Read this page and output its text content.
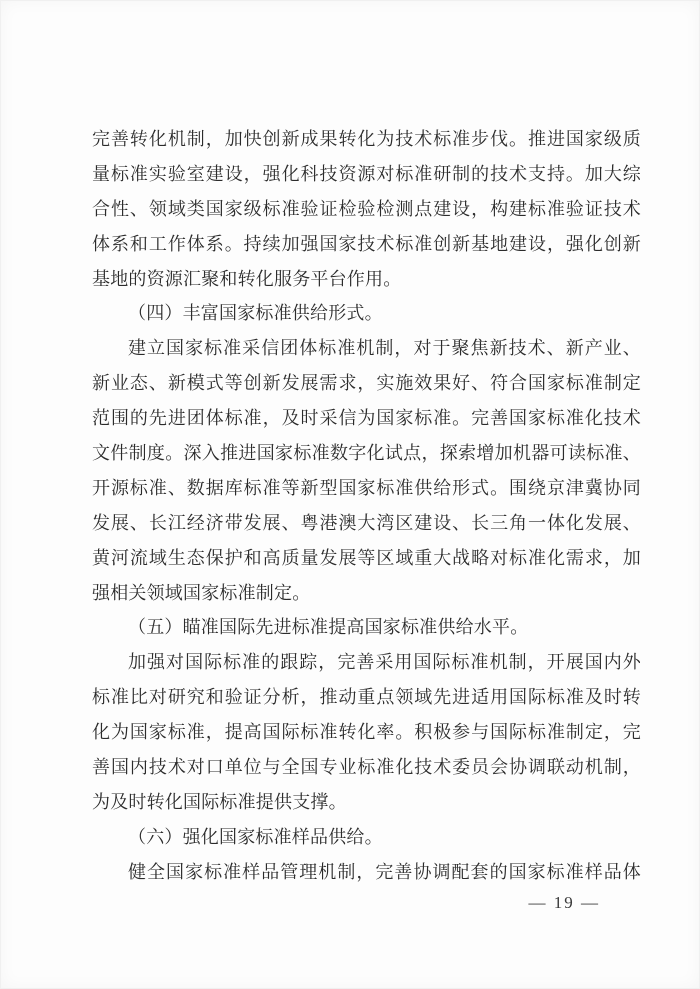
完善转化机制，加快创新成果转化为技术标准步伐。推进国家级质
量标准实验室建设，强化科技资源对标准研制的技术支持。加大综
合性、领域类国家级标准验证检验检测点建设，构建标准验证技术
体系和工作体系。持续加强国家技术标准创新基地建设，强化创新
基地的资源汇聚和转化服务平台作用。
（四）丰富国家标准供给形式。
建立国家标准采信团体标准机制，对于聚焦新技术、新产业、
新业态、新模式等创新发展需求，实施效果好、符合国家标准制定
范围的先进团体标准，及时采信为国家标准。完善国家标准化技术
文件制度。深入推进国家标准数字化试点，探索增加机器可读标准、
开源标准、数据库标准等新型国家标准供给形式。围绕京津冀协同
发展、长江经济带发展、粤港澳大湾区建设、长三角一体化发展、
黄河流域生态保护和高质量发展等区域重大战略对标准化需求，加
强相关领域国家标准制定。
（五）瞄准国际先进标准提高国家标准供给水平。
加强对国际标准的跟踪，完善采用国际标准机制，开展国内外
标准比对研究和验证分析，推动重点领域先进适用国际标准及时转
化为国家标准，提高国际标准转化率。积极参与国际标准制定，完
善国内技术对口单位与全国专业标准化技术委员会协调联动机制，
为及时转化国际标准提供支撑。
（六）强化国家标准样品供给。
健全国家标准样品管理机制，完善协调配套的国家标准样品体
— 19 —
